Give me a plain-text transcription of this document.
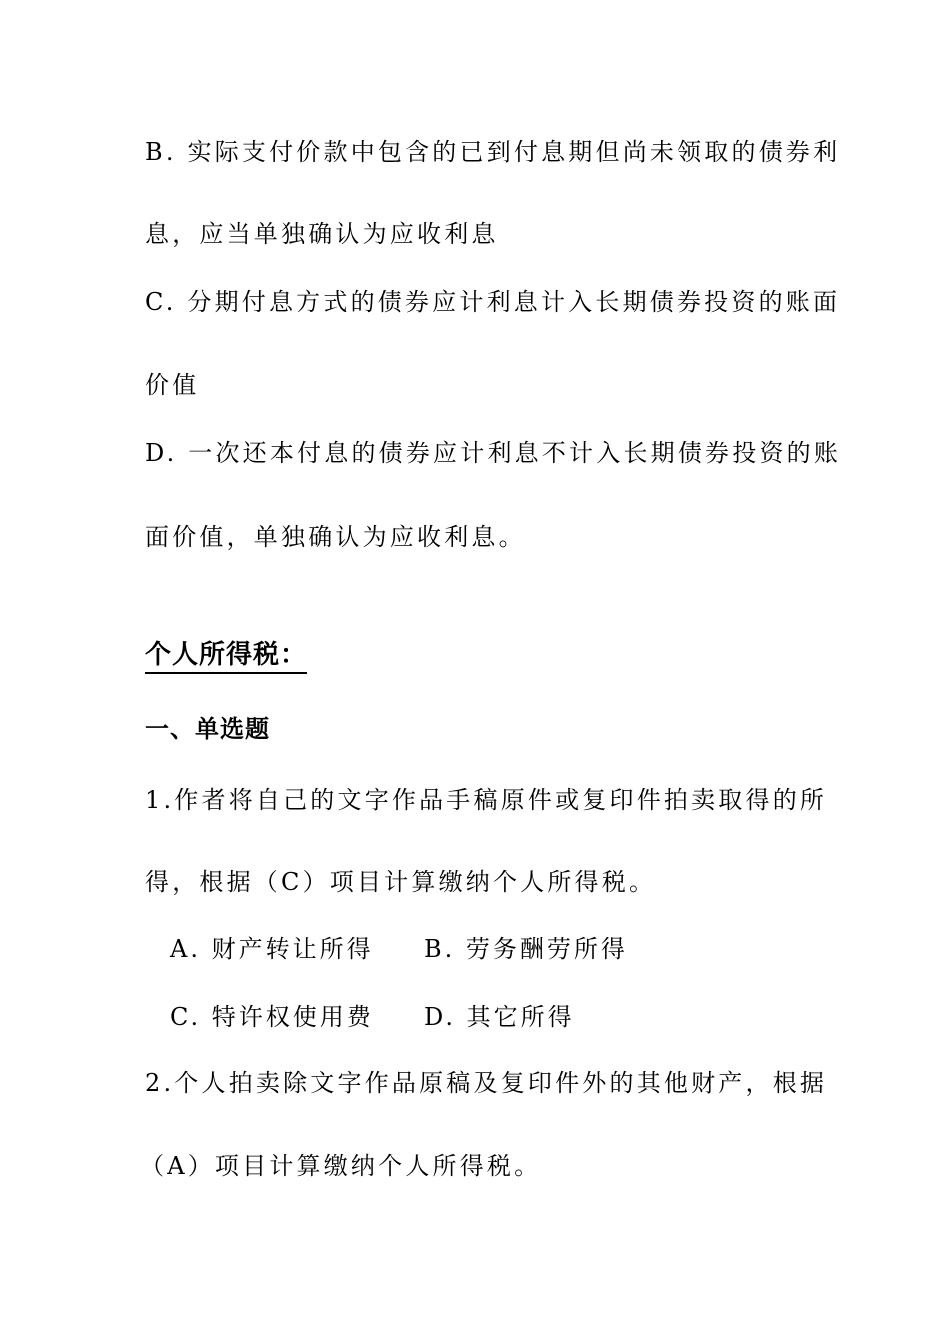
B. 实际支付价款中包含的已到付息期但尚未领取的债券利
息，应当单独确认为应收利息
C. 分期付息方式的债券应计利息计入长期债券投资的账面
价值
D. 一次还本付息的债券应计利息不计入长期债券投资的账
面价值，单独确认为应收利息。
个人所得税：
一、单选题
1.作者将自己的文字作品手稿原件或复印件拍卖取得的所
得，根据（C）项目计算缴纳个人所得税。
A. 财产转让所得 B. 劳务酬劳所得
C. 特许权使用费 D. 其它所得
2.个人拍卖除文字作品原稿及复印件外的其他财产，根据
（A）项目计算缴纳个人所得税。
